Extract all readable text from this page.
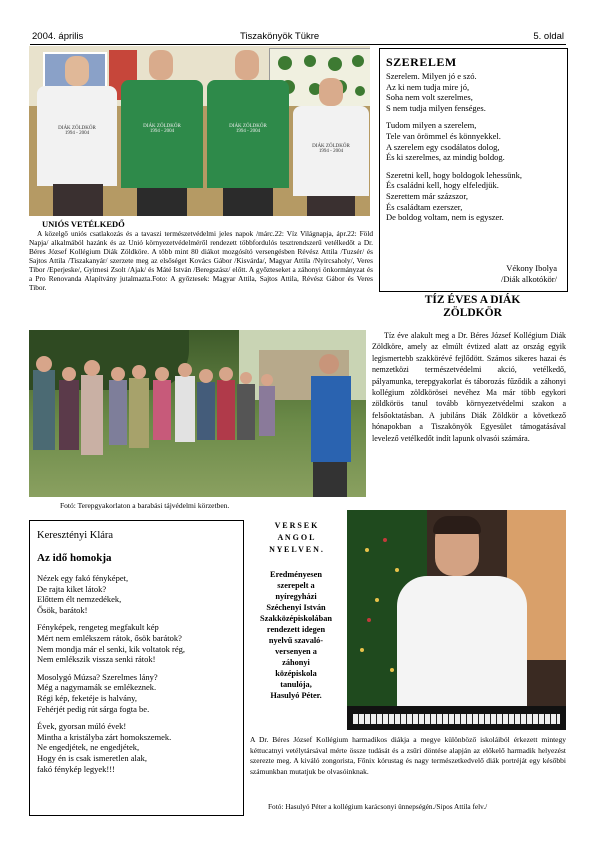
2004. április	Tiszakönyök Tükre	5. oldal
DIÁK ZÖLDKÖR
1994 - 2004
DIÁK ZÖLDKÖR
1994 - 2004
DIÁK ZÖLDKÖR
1994 - 2004
DIÁK ZÖLDKÖR
1994 - 2004
UNIÓS VETÉLKEDŐ
A közelgő uniós csatlakozás és a tavaszi természetvédelmi jeles napok /márc.22: Víz Világnapja, ápr.22: Föld Napja/ alkalmából hazánk és az Unió környezetvédelméről rendezett többfordulós tesztrendszerű vetélkedőt a Dr. Béres József Kollégium Diák Zöldköre. A több mint 80 diákot mozgósító versengésben Révész Attila /Tuzsér/ és Sajtos Attila /Tiszakanyár/ szerzete meg az elsőséget Kovács Gábor /Kisvárda/, Magyar Attila /Nyírcsaholy/, Veres Tibor /Eperjeske/, Gyimesi Zsolt /Ajak/ és Máté István /Beregszász/ előtt. A győzteseket a záhonyi önkormányzat és a Pro Renovanda Alapítvány jutalmazta.Foto: A győztesek: Magyar Attila, Sajtos Attila, Révész Gábor és Veres Tibor.
SZERELEM

Szerelem. Milyen jó e szó.
Az ki nem tudja mire jó,
Soha nem volt szerelmes,
S nem tudja milyen fenséges.

Tudom milyen a szerelem,
Tele van örömmel és könnyekkel.
A szerelem egy csodálatos dolog,
És ki szerelmes, az mindig boldog.

Szeretni kell, hogy boldogok lehessünk,
És családni kell, hogy elfeledjük.
Szerettem már százszor,
És családtam ezerszer,
De boldog voltam, nem is egyszer.

Vékony Ibolya
/Diák alkotókör/
TÍZ ÉVES A DIÁK
ZÖLDKÖR
Tíz éve alakult meg a Dr. Béres József Kollégium Diák Zöldköre, amely az elmúlt évtized alatt az ország egyik legismertebb szakkörévé fejlődött. Számos sikeres hazai és nemzetközi természetvédelmi akció, vetélkedő, pályamunka, terepgyakorlat és táborozás fűződik a záhonyi kollégium zöldkörösei nevéhez Ma már több egykori zöldkörös tanul tovább környezetvédelmi szakon a felsőoktatásban. A jubiláns Diák Zöldkör a következő hónapokban a Tiszakönyök Egyesület támogatásával levelező vetélkedőt indít lapunk olvasói számára.
Fotó: Terepgyakorlaton a barabási tájvédelmi körzetben.
Keresztényi Klára
Az idő homokja

Nézek egy fakó fényképet,
De rajta kiket látok?
Előttem élt nemzedékek,
Ősök, barátok!

Fényképek, rengeteg megfakult kép
Mért nem emlékszem rátok, ősök barátok?
Nem mondja már el senki, kik voltatok rég,
Nem emlékszik vissza senki rátok!

Mosolygó Múzsa? Szerelmes lány?
Még a nagymamák se emlékeznek.
Régi kép, feketéje is halvány,
Fehérjét pedig rút sárga fogta be.

Évek, gyorsan múló évek!
Mintha a kristályba zárt homokszemek.
Ne engedjétek, ne engedjétek,
Hogy én is csak ismeretlen alak,
fakó fénykép legyek!!!

V E R S E K
A N G O L
N Y E L V E N .
Eredményesen
szerepelt a
nyíregyházi
Széchenyi István
Szakközépiskolában
rendezett idegen
nyelvű szavaló-
versenyen a
záhonyi
középiskola
tanulója,
Hasulyó Péter.
A Dr. Béres József Kollégium harmadikos diákja a megye különböző iskoláiból érkezett mintegy kéttucatnyi vetélytársával mérte össze tudását és a zsűri döntése alapján az előkelő harmadik helyezést szerezte meg. A kiváló zongorista, Főnix kórustag és nagy természetkedvelő diák portréját egy későbbi számunkban mutatjuk be olvasóinknak.
Fotó: Hasulyó Péter a kollégium karácsonyi ünnepségén./Sipos Attila felv./
